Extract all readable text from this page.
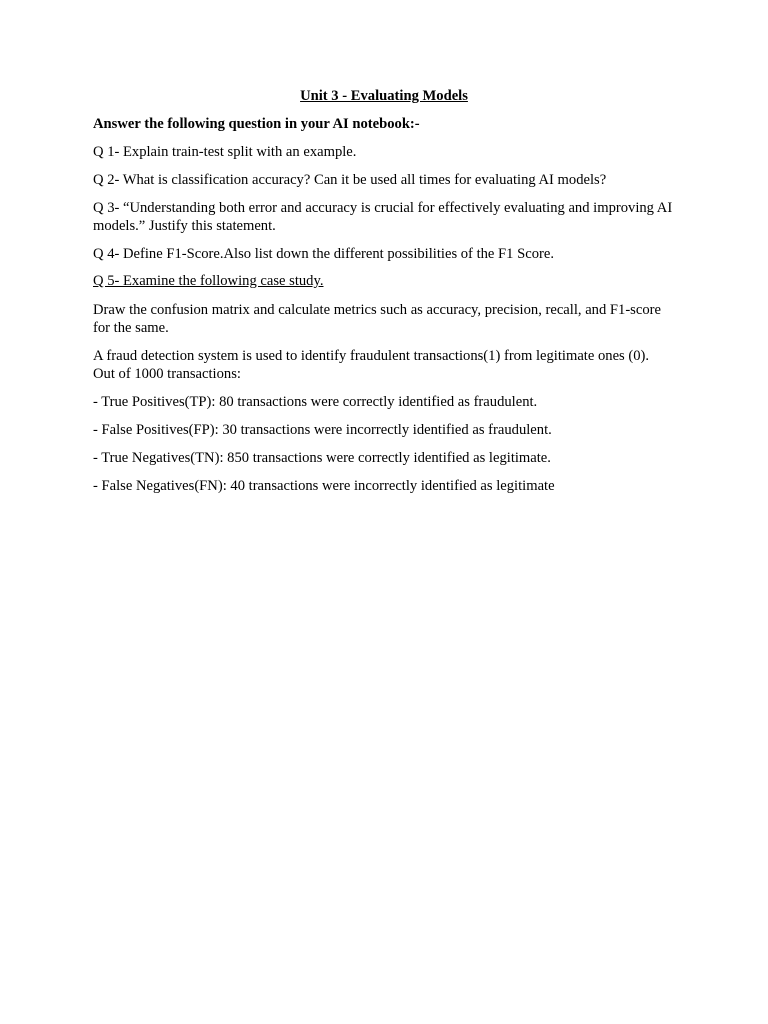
Unit 3 - Evaluating Models

Answer the following question in your AI notebook:-

Q 1- Explain train-test split with an example.

Q 2- What is classification accuracy? Can it be used all times for evaluating AI models?

Q 3- “Understanding both error and accuracy is crucial for effectively evaluating and improving AI models.” Justify this statement.

Q 4- Define F1-Score.Also list down the different possibilities of the F1 Score.

Q 5- Examine the following case study.

Draw the confusion matrix and calculate metrics such as accuracy, precision, recall, and F1-score for the same.

A fraud detection system is used to identify fraudulent transactions(1) from legitimate ones (0). Out of 1000 transactions:

- True Positives(TP): 80 transactions were correctly identified as fraudulent.

- False Positives(FP): 30 transactions were incorrectly identified as fraudulent.

- True Negatives(TN): 850 transactions were correctly identified as legitimate.

- False Negatives(FN): 40 transactions were incorrectly identified as legitimate
